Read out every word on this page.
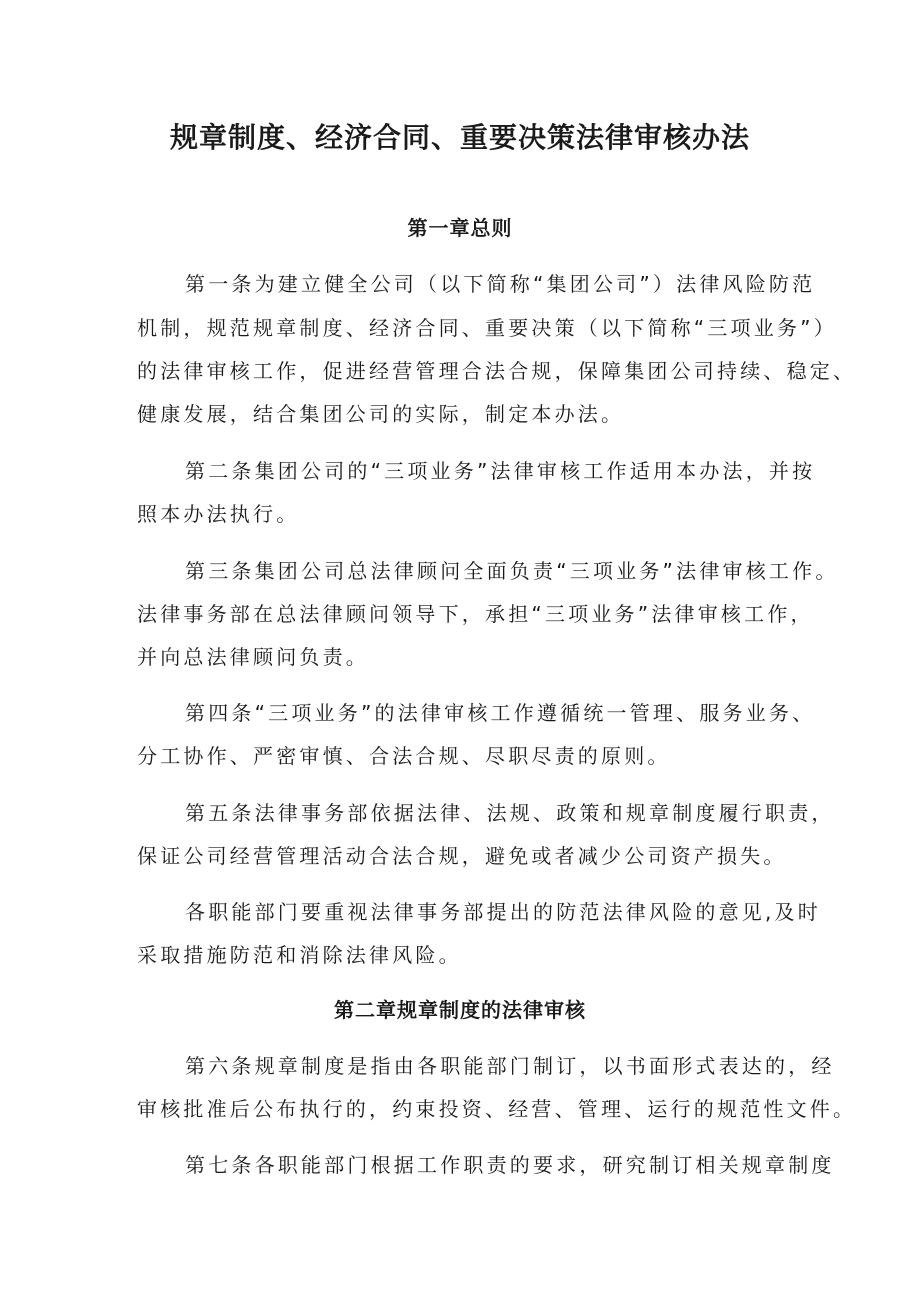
规章制度、经济合同、重要决策法律审核办法
第一章总则
第一条为建立健全公司（以下简称“集团公司”）法律风险防范
机制，规范规章制度、经济合同、重要决策（以下简称“三项业务”）
的法律审核工作，促进经营管理合法合规，保障集团公司持续、稳定、
健康发展，结合集团公司的实际，制定本办法。
第二条集团公司的“三项业务”法律审核工作适用本办法，并按
照本办法执行。
第三条集团公司总法律顾问全面负责“三项业务”法律审核工作。
法律事务部在总法律顾问领导下，承担“三项业务”法律审核工作，
并向总法律顾问负责。
第四条“三项业务”的法律审核工作遵循统一管理、服务业务、
分工协作、严密审慎、合法合规、尽职尽责的原则。
第五条法律事务部依据法律、法规、政策和规章制度履行职责，
保证公司经营管理活动合法合规，避免或者减少公司资产损失。
各职能部门要重视法律事务部提出的防范法律风险的意见,及时
采取措施防范和消除法律风险。
第二章规章制度的法律审核
第六条规章制度是指由各职能部门制订，以书面形式表达的，经
审核批准后公布执行的，约束投资、经营、管理、运行的规范性文件。
第七条各职能部门根据工作职责的要求，研究制订相关规章制度
